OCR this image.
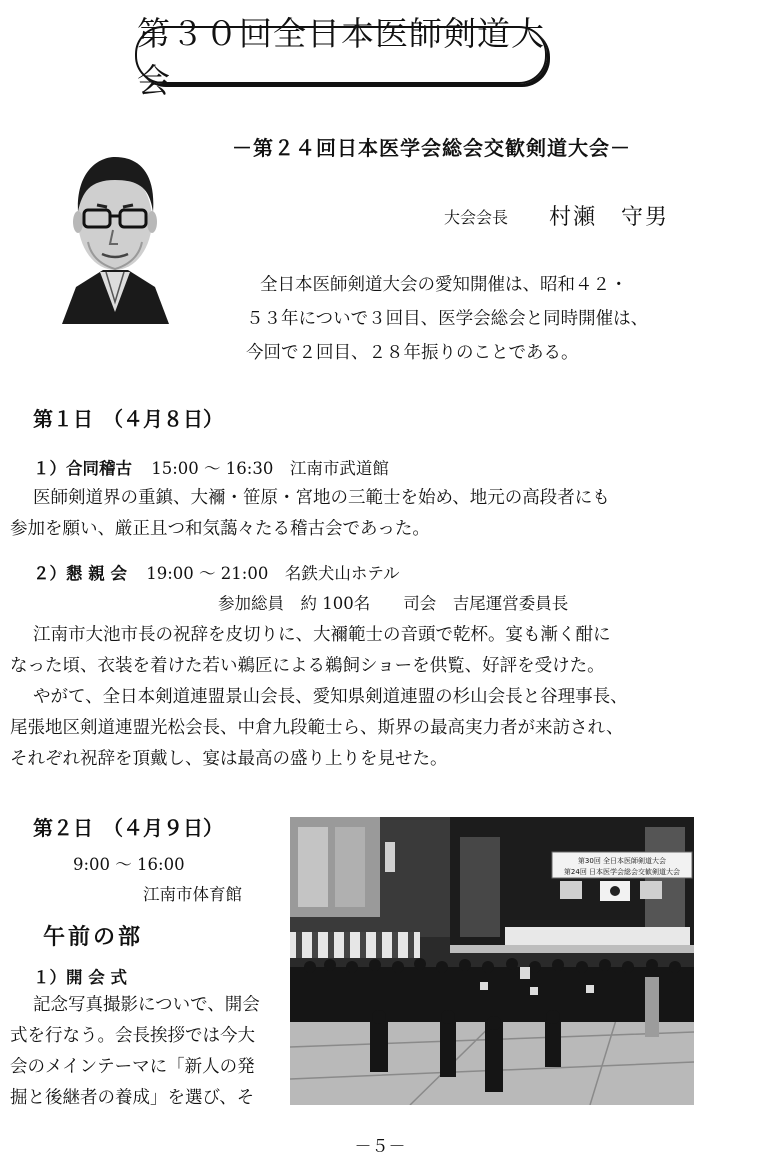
第３０回全日本医師剣道大会
－第２４回日本医学会総会交歓剣道大会－
大会会長 村瀬　守男
全日本医師剣道大会の愛知開催は、昭和４２・
５３年についで３回目、医学会総会と同時開催は、
今回で２回目、２８年振りのことである。
第１日　（４月８日）
１）合同稽古 15:00 ～ 16:30　江南市武道館
医師剣道界の重鎮、大襧・笹原・宮地の三範士を始め、地元の高段者にも
参加を願い、厳正且つ和気藹々たる稽古会であった。
２）懇 親 会 19:00 ～ 21:00　名鉄犬山ホテル
参加総員　約 100名　　司会　吉尾運営委員長
江南市大池市長の祝辞を皮切りに、大襧範士の音頭で乾杯。宴も漸く酣に
なった頃、衣装を着けた若い鵜匠による鵜飼ショーを供覧、好評を受けた。
やがて、全日本剣道連盟景山会長、愛知県剣道連盟の杉山会長と谷理事長、
尾張地区剣道連盟光松会長、中倉九段範士ら、斯界の最高実力者が来訪され、
それぞれ祝辞を頂戴し、宴は最高の盛り上りを見せた。
第２日　（４月９日）
9:00 ～ 16:00
江南市体育館
午前の部
１）開 会 式
記念写真撮影についで、開会
式を行なう。会長挨拶では今大
会のメインテーマに「新人の発
掘と後継者の養成」を選び、そ
第30回 全日本医師剣道大会
第24回 日本医学会総会交歓剣道大会
－５－
